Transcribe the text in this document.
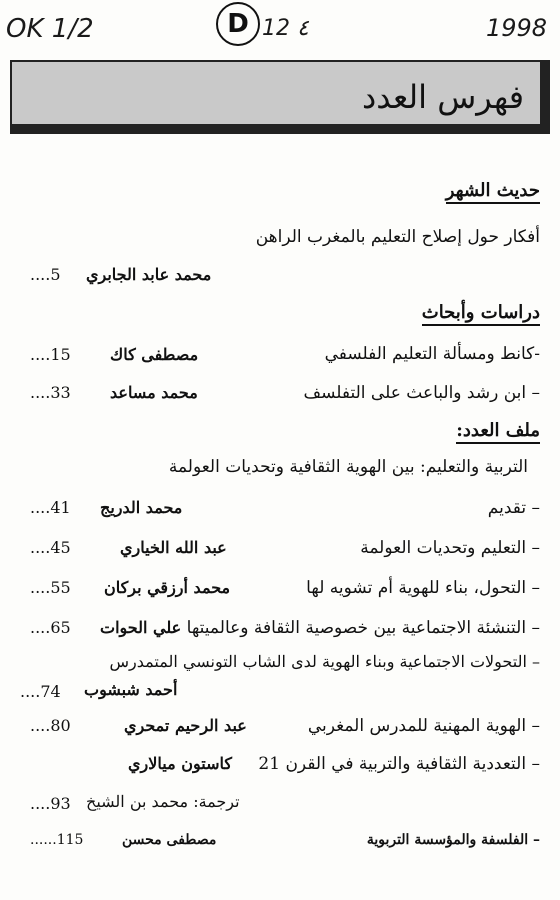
OK 1/2	D 12 ٤	1998
فهرس العدد
حديث الشهر
أفكار حول إصلاح التعليم بالمغرب الراهن
محمد عابد الجابري
....5
دراسات وأبحاث
-كانط ومسألة التعليم الفلسفي
مصطفى كاك
....15
– ابن رشد والباعث على التفلسف
محمد مساعد
....33
ملف العدد:
التربية والتعليم: بين الهوية الثقافية وتحديات العولمة
– تقديم
محمد الدريج
....41
– التعليم وتحديات العولمة
عبد الله الخياري
....45
– التحول، بناء للهوية أم تشويه لها
محمد أرزقي بركان
....55
– التنشئة الاجتماعية بين خصوصية الثقافة وعالميتها
علي الحوات
....65
– التحولات الاجتماعية وبناء الهوية لدى الشاب التونسي المتمدرس
أحمد شبشوب
....74
– الهوية المهنية للمدرس المغربي
عبد الرحيم تمحري
....80
– التعددية الثقافية والتربية في القرن 21
كاستون ميالاري
ترجمة: محمد بن الشيخ
....93
– الفلسفة والمؤسسة التربوية
مصطفى محسن
......115
